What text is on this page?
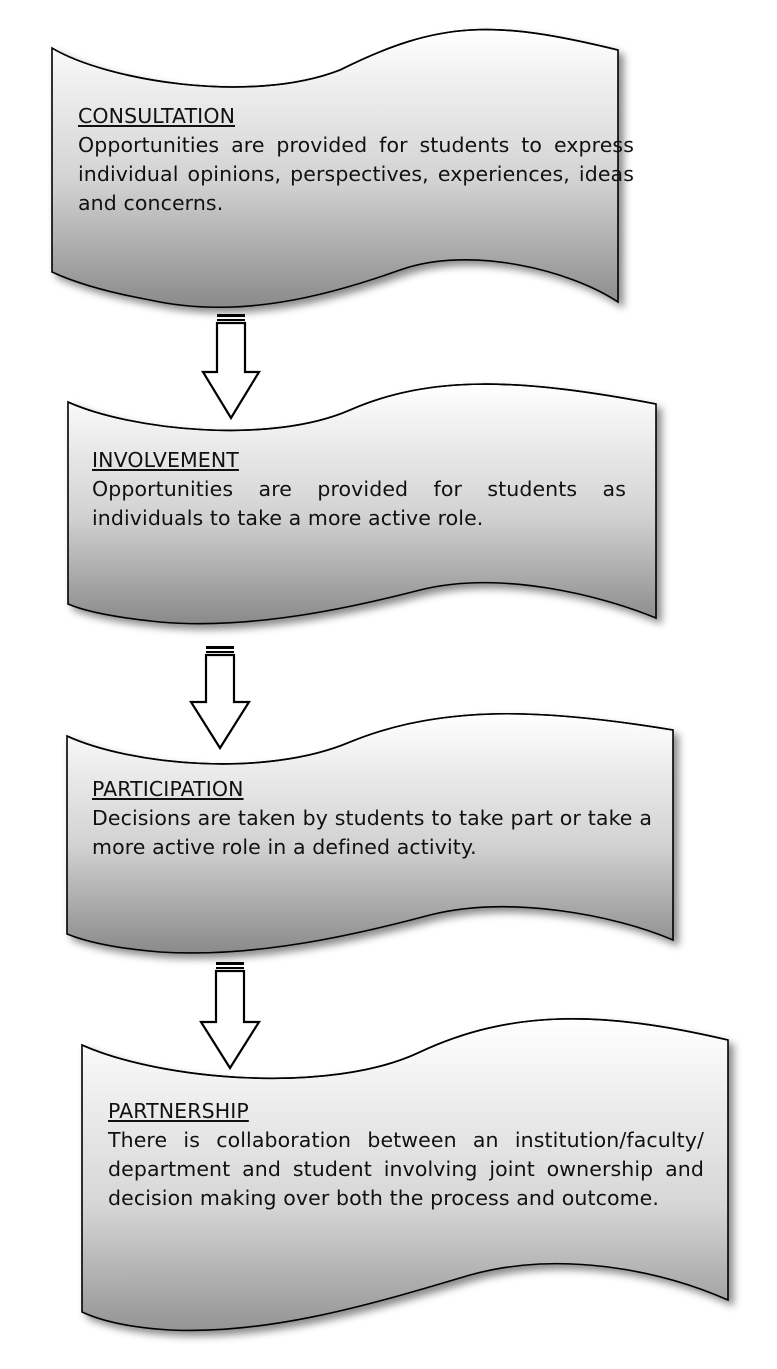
CONSULTATION
Opportunities are provided for students to express individual opinions, perspectives, experiences, ideas and concerns.
INVOLVEMENT
Opportunities are provided for students as individuals to take a more active role.
PARTICIPATION
Decisions are taken by students to take part or take a more active role in a defined activity.
PARTNERSHIP
There is collaboration between an institution/faculty/ department and student involving joint ownership and decision making over both the process and outcome.
